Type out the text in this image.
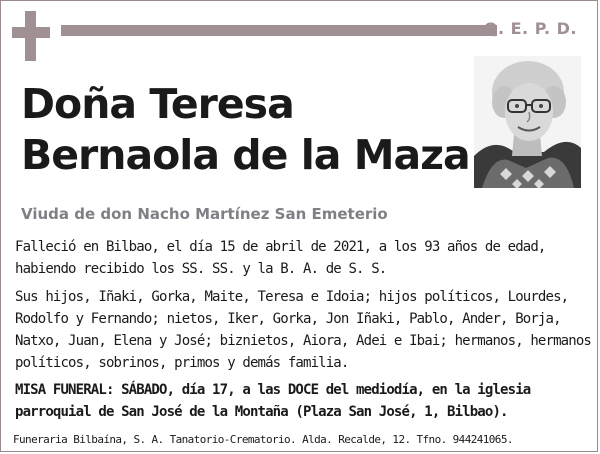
Q. E. P. D.
Doña Teresa
Bernaola de la Maza
Viuda de don Nacho Martínez San Emeterio

Falleció en Bilbao, el día 15 de abril de 2021, a los 93 años de edad, habiendo recibido los SS. SS. y la B. A. de S. S.

Sus hijos, Iñaki, Gorka, Maite, Teresa e Idoia; hijos políticos, Lourdes, Rodolfo y Fernando; nietos, Iker, Gorka, Jon Iñaki, Pablo, Ander, Borja, Natxo, Juan, Elena y José; biznietos, Aiora, Adei e Ibai; hermanos, hermanos políticos, sobrinos, primos y demás familia.

MISA FUNERAL: SÁBADO, día 17, a las DOCE del mediodía, en la iglesia parroquial de San José de la Montaña (Plaza San José, 1, Bilbao).

Funeraria Bilbaína, S. A. Tanatorio-Crematorio. Alda. Recalde, 12. Tfno. 944241065.
